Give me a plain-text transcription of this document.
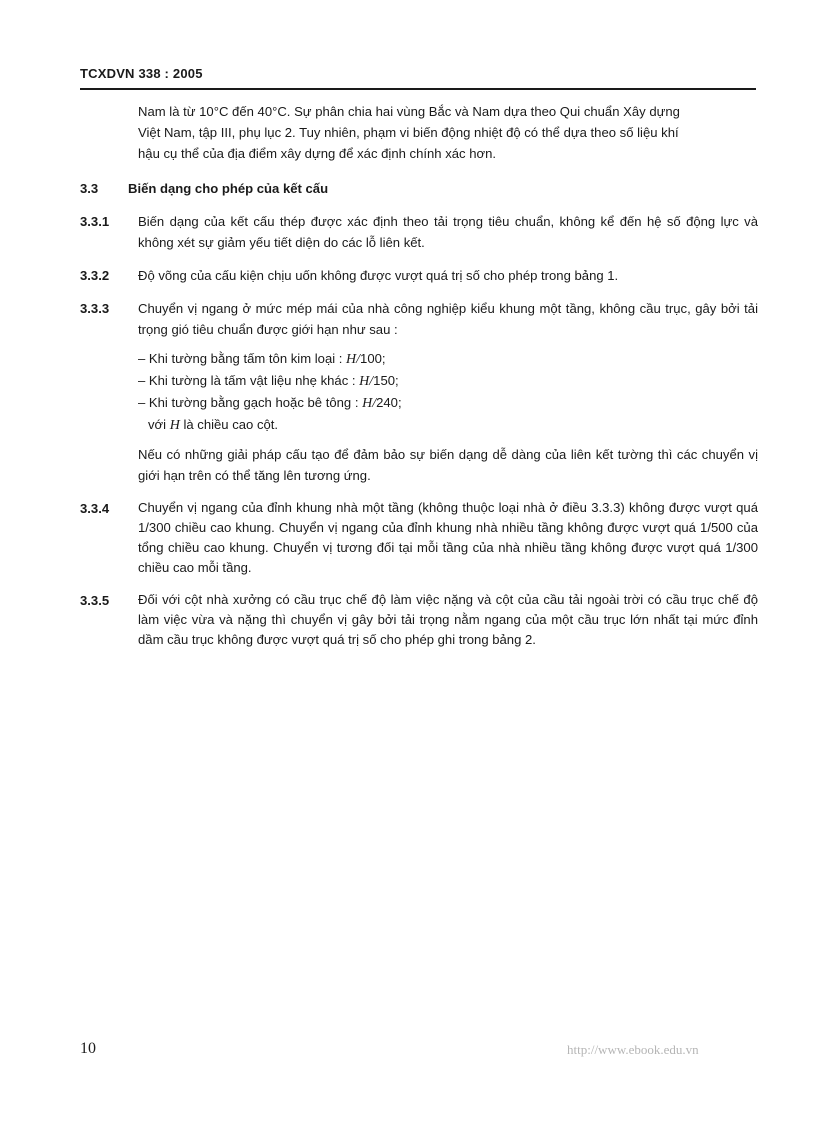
TCXDVN 338 : 2005
Nam là từ 10°C đến 40°C. Sự phân chia hai vùng Bắc và Nam dựa theo Qui chuẩn Xây dựng
Việt Nam, tập III, phụ lục 2. Tuy nhiên, phạm vi biến động nhiệt độ có thể dựa theo số liệu khí
hậu cụ thể của địa điểm xây dựng để xác định chính xác hơn.
3.3	Biến dạng cho phép của kết cấu
3.3.1	Biến dạng của kết cấu thép được xác định theo tải trọng tiêu chuẩn, không kể đến hệ số động lực và không xét sự giảm yếu tiết diện do các lỗ liên kết.
3.3.2	Độ võng của cấu kiện chịu uốn không được vượt quá trị số cho phép trong bảng 1.
3.3.3	Chuyển vị ngang ở mức mép mái của nhà công nghiệp kiểu khung một tầng, không cầu trục, gây bởi tải trọng gió tiêu chuẩn được giới hạn như sau :
– Khi tường bằng tấm tôn kim loại : H/100;
– Khi tường là tấm vật liệu nhẹ khác : H/150;
– Khi tường bằng gạch hoặc bê tông : H/240;
với H là chiều cao cột.
Nếu có những giải pháp cấu tạo để đảm bảo sự biến dạng dễ dàng của liên kết tường thì các chuyển vị giới hạn trên có thể tăng lên tương ứng.
3.3.4	Chuyển vị ngang của đỉnh khung nhà một tầng (không thuộc loại nhà ở điều 3.3.3) không được vượt quá 1/300 chiều cao khung. Chuyển vị ngang của đỉnh khung nhà nhiều tầng không được vượt quá 1/500 của tổng chiều cao khung. Chuyển vị tương đối tại mỗi tầng của nhà nhiều tầng không được vượt quá 1/300 chiều cao mỗi tầng.
3.3.5	Đối với cột nhà xưởng có cầu trục chế độ làm việc nặng và cột của cầu tải ngoài trời có cầu trục chế độ làm việc vừa và nặng thì chuyển vị gây bởi tải trọng nằm ngang của một cầu trục lớn nhất tại mức đỉnh dầm cầu trục không được vượt quá trị số cho phép ghi trong bảng 2.
10	http://www.ebook.edu.vn
